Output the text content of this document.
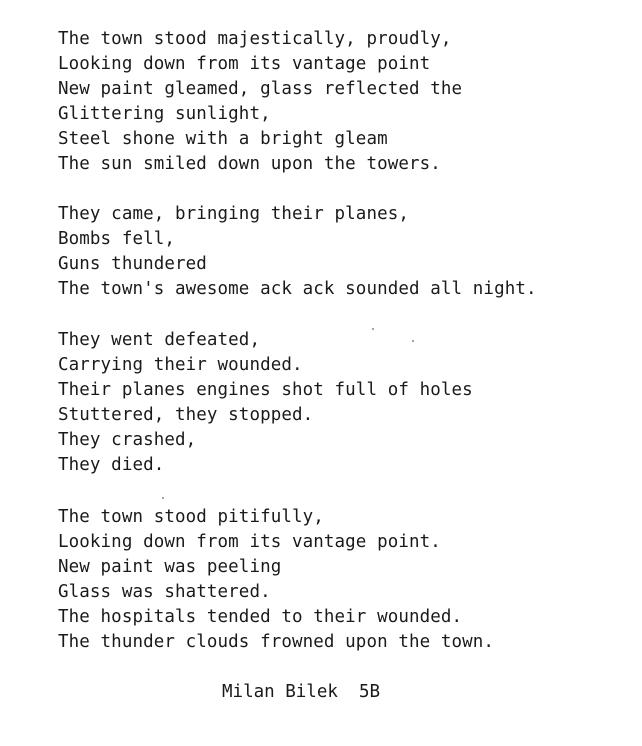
The town stood majestically, proudly,
Looking down from its vantage point
New paint gleamed, glass reflected the
Glittering sunlight,
Steel shone with a bright gleam
The sun smiled down upon the towers.
They came, bringing their planes,
Bombs fell,
Guns thundered
The town's awesome ack ack sounded all night.
They went defeated,
Carrying their wounded.
Their planes engines shot full of holes
Stuttered, they stopped.
They crashed,
They died.
The town stood pitifully,
Looking down from its vantage point.
New paint was peeling
Glass was shattered.
The hospitals tended to their wounded.
The thunder clouds frowned upon the town.
Milan Bilek  5B
